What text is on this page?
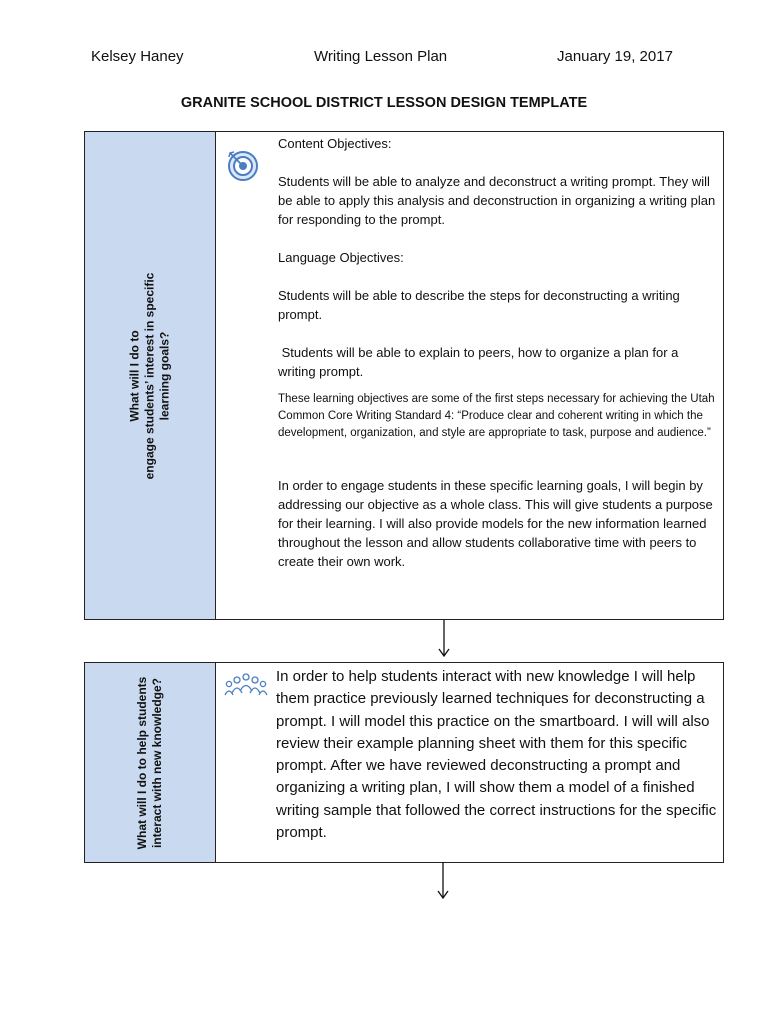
Kelsey Haney	Writing Lesson Plan	January 19, 2017
GRANITE SCHOOL DISTRICT LESSON DESIGN TEMPLATE
What will I do to engage students’ interest in specific learning goals?

Content Objectives:

Students will be able to analyze and deconstruct a writing prompt. They will be able to apply this analysis and deconstruction in organizing a writing plan for responding to the prompt.

Language Objectives:

Students will be able to describe the steps for deconstructing a writing prompt.

Students will be able to explain to peers, how to organize a plan for a writing prompt.

These learning objectives are some of the first steps necessary for achieving the Utah Common Core Writing Standard 4: “Produce clear and coherent writing in which the development, organization, and style are appropriate to task, purpose and audience.”

In order to engage students in these specific learning goals, I will begin by addressing our objective as a whole class. This will give students a purpose for their learning. I will also provide models for the new information learned throughout the lesson and allow students collaborative time with peers to create their own work.

What will I do to help students interact with new knowledge?

In order to help students interact with new knowledge I will help them practice previously learned techniques for deconstructing a prompt. I will model this practice on the smartboard. I will will also review their example planning sheet with them for this specific prompt. After we have reviewed deconstructing a prompt and organizing a writing plan, I will show them a model of a finished writing sample that followed the correct instructions for the specific prompt.
